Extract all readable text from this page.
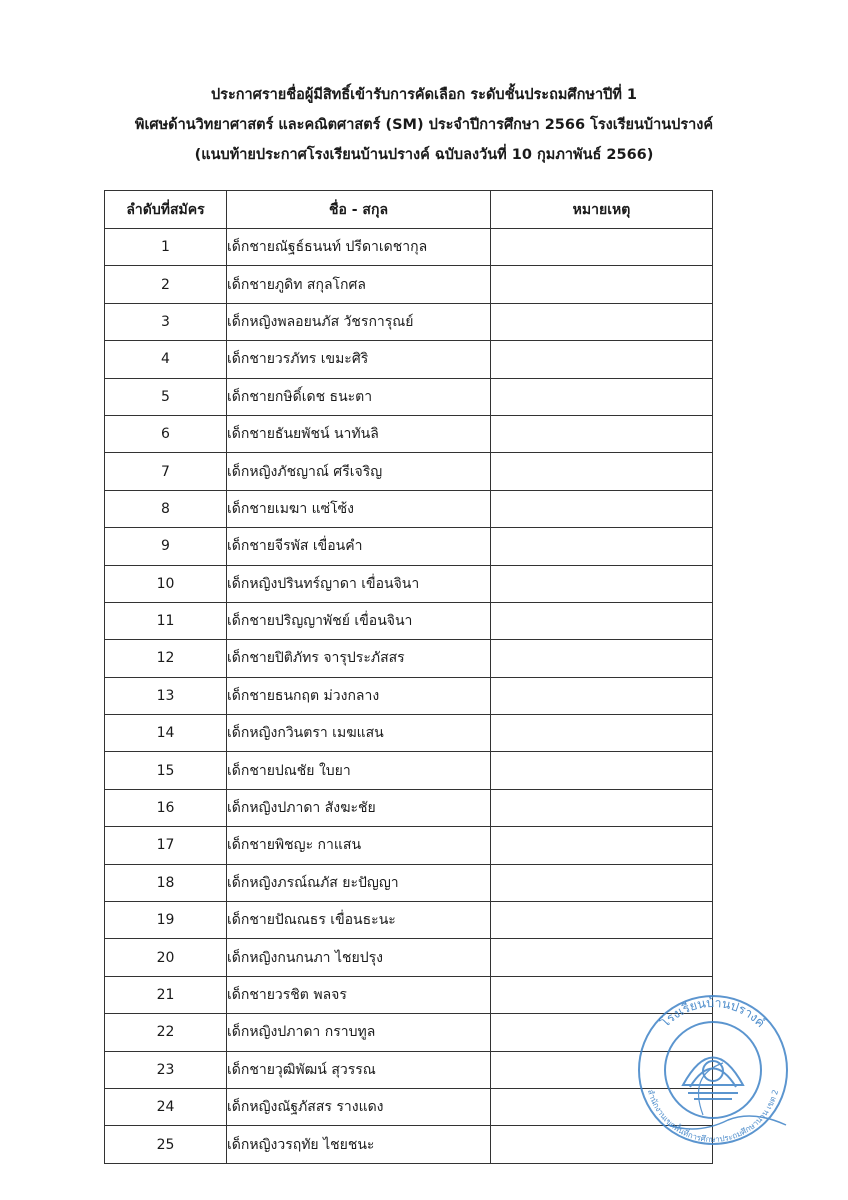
ประกาศรายชื่อผู้มีสิทธิ์เข้ารับการคัดเลือก ระดับชั้นประถมศึกษาปีที่ 1
พิเศษด้านวิทยาศาสตร์ และคณิตศาสตร์ (SM) ประจำปีการศึกษา 2566 โรงเรียนบ้านปรางค์
(แนบท้ายประกาศโรงเรียนบ้านปรางค์ ฉบับลงวันที่ 10 กุมภาพันธ์ 2566)
ลำดับที่สมัคร	ชื่อ - สกุล	หมายเหตุ
1	เด็กชายณัฐธ์ธนนท์ ปรีดาเดชากุล	
2	เด็กชายภูดิท สกุลโกศล	
3	เด็กหญิงพลอยนภัส วัชรการุณย์	
4	เด็กชายวรภัทร เขมะศิริ	
5	เด็กชายกษิดิ์เดช ธนะตา	
6	เด็กชายธันยพัชน์ นาทันลิ	
7	เด็กหญิงภัชญาณ์ ศรีเจริญ	
8	เด็กชายเมฆา แซ่โซ้ง	
9	เด็กชายจีรพัส เขื่อนคำ	
10	เด็กหญิงปรินทร์ญาดา เขื่อนจินา	
11	เด็กชายปริญญาพัชย์ เขื่อนจินา	
12	เด็กชายปิติภัทร จารุประภัสสร	
13	เด็กชายธนกฤต ม่วงกลาง	
14	เด็กหญิงกวินตรา เมฆแสน	
15	เด็กชายปณชัย ใบยา	
16	เด็กหญิงปภาดา สังฆะชัย	
17	เด็กชายพิชญะ กาแสน	
18	เด็กหญิงภรณ์ณภัส ยะปัญญา	
19	เด็กชายปัณณธร เขื่อนธะนะ	
20	เด็กหญิงกนกนภา ไชยปรุง	
21	เด็กชายวรชิต พลจร	
22	เด็กหญิงปภาดา กราบทูล	
23	เด็กชายวุฒิพัฒน์ สุวรรณ	
24	เด็กหญิงณัฐภัสสร รางแดง	
25	เด็กหญิงวรฤทัย ไชยชนะ	
โรงเรียนบ้านปรางค์
สำนักงานเขตพื้นที่การศึกษาประถมศึกษาน่าน เขต 2
